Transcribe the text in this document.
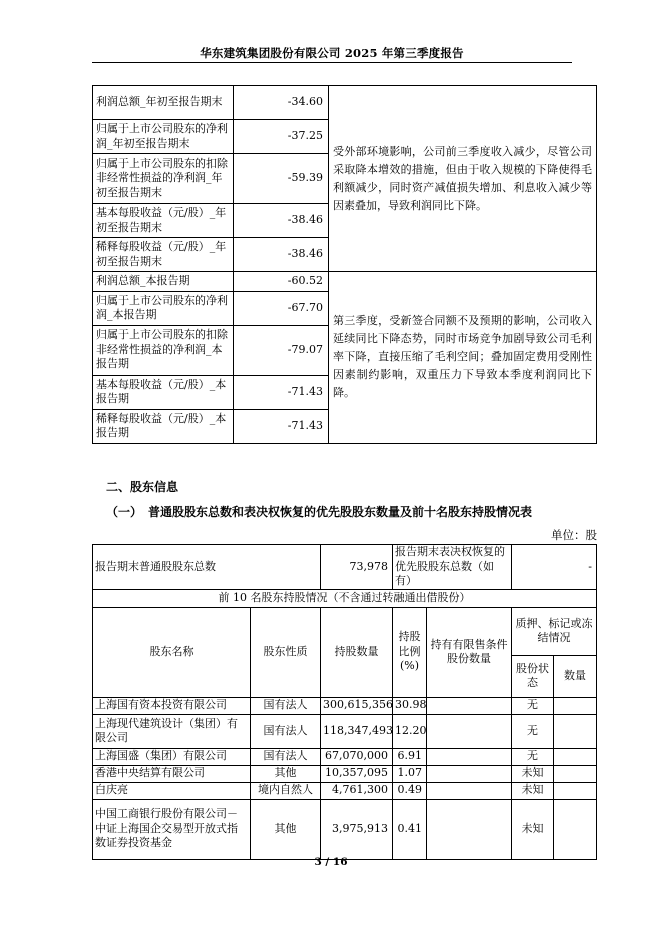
华东建筑集团股份有限公司 2025 年第三季度报告
利润总额_年初至报告期末	-34.60	受外部环境影响，公司前三季度收入减少，尽管公司采取降本增效的措施，但由于收入规模的下降使得毛利额减少，同时资产减值损失增加、利息收入减少等因素叠加，导致利润同比下降。
归属于上市公司股东的净利润_年初至报告期末	-37.25	
归属于上市公司股东的扣除非经常性损益的净利润_年初至报告期末	-59.39	
基本每股收益（元/股）_年初至报告期末	-38.46	
稀释每股收益（元/股）_年初至报告期末	-38.46	
利润总额_本报告期	-60.52	第三季度，受新签合同额不及预期的影响，公司收入延续同比下降态势，同时市场竞争加剧导致公司毛利率下降，直接压缩了毛利空间；叠加固定费用受刚性因素制约影响，双重压力下导致本季度利润同比下降。
归属于上市公司股东的净利润_本报告期	-67.70	
归属于上市公司股东的扣除非经常性损益的净利润_本报告期	-79.07	
基本每股收益（元/股）_本报告期	-71.43	
稀释每股收益（元/股）_本报告期	-71.43	
二、股东信息
（一）　普通股股东总数和表决权恢复的优先股股东数量及前十名股东持股情况表
单位：股
报告期末普通股股东总数		73,978	报告期末表决权恢复的优先股股东总数（如有）		-	
前 10 名股东持股情况（不含通过转融通出借股份）						
股东名称	股东性质	持股数量	持股比例(%)	持有有限售条件股份数量	质押、标记或冻结情况	
					股份状态	数量
上海国有资本投资有限公司	国有法人	300,615,356	30.98		无	
上海现代建筑设计（集团）有限公司	国有法人	118,347,493	12.20		无	
上海国盛（集团）有限公司	国有法人	67,070,000	6.91		无	
香港中央结算有限公司	其他	10,357,095	1.07		未知	
白庆亮	境内自然人	4,761,300	0.49		未知	
中国工商银行股份有限公司－中证上海国企交易型开放式指数证券投资基金	其他	3,975,913	0.41		未知	
3 / 16
